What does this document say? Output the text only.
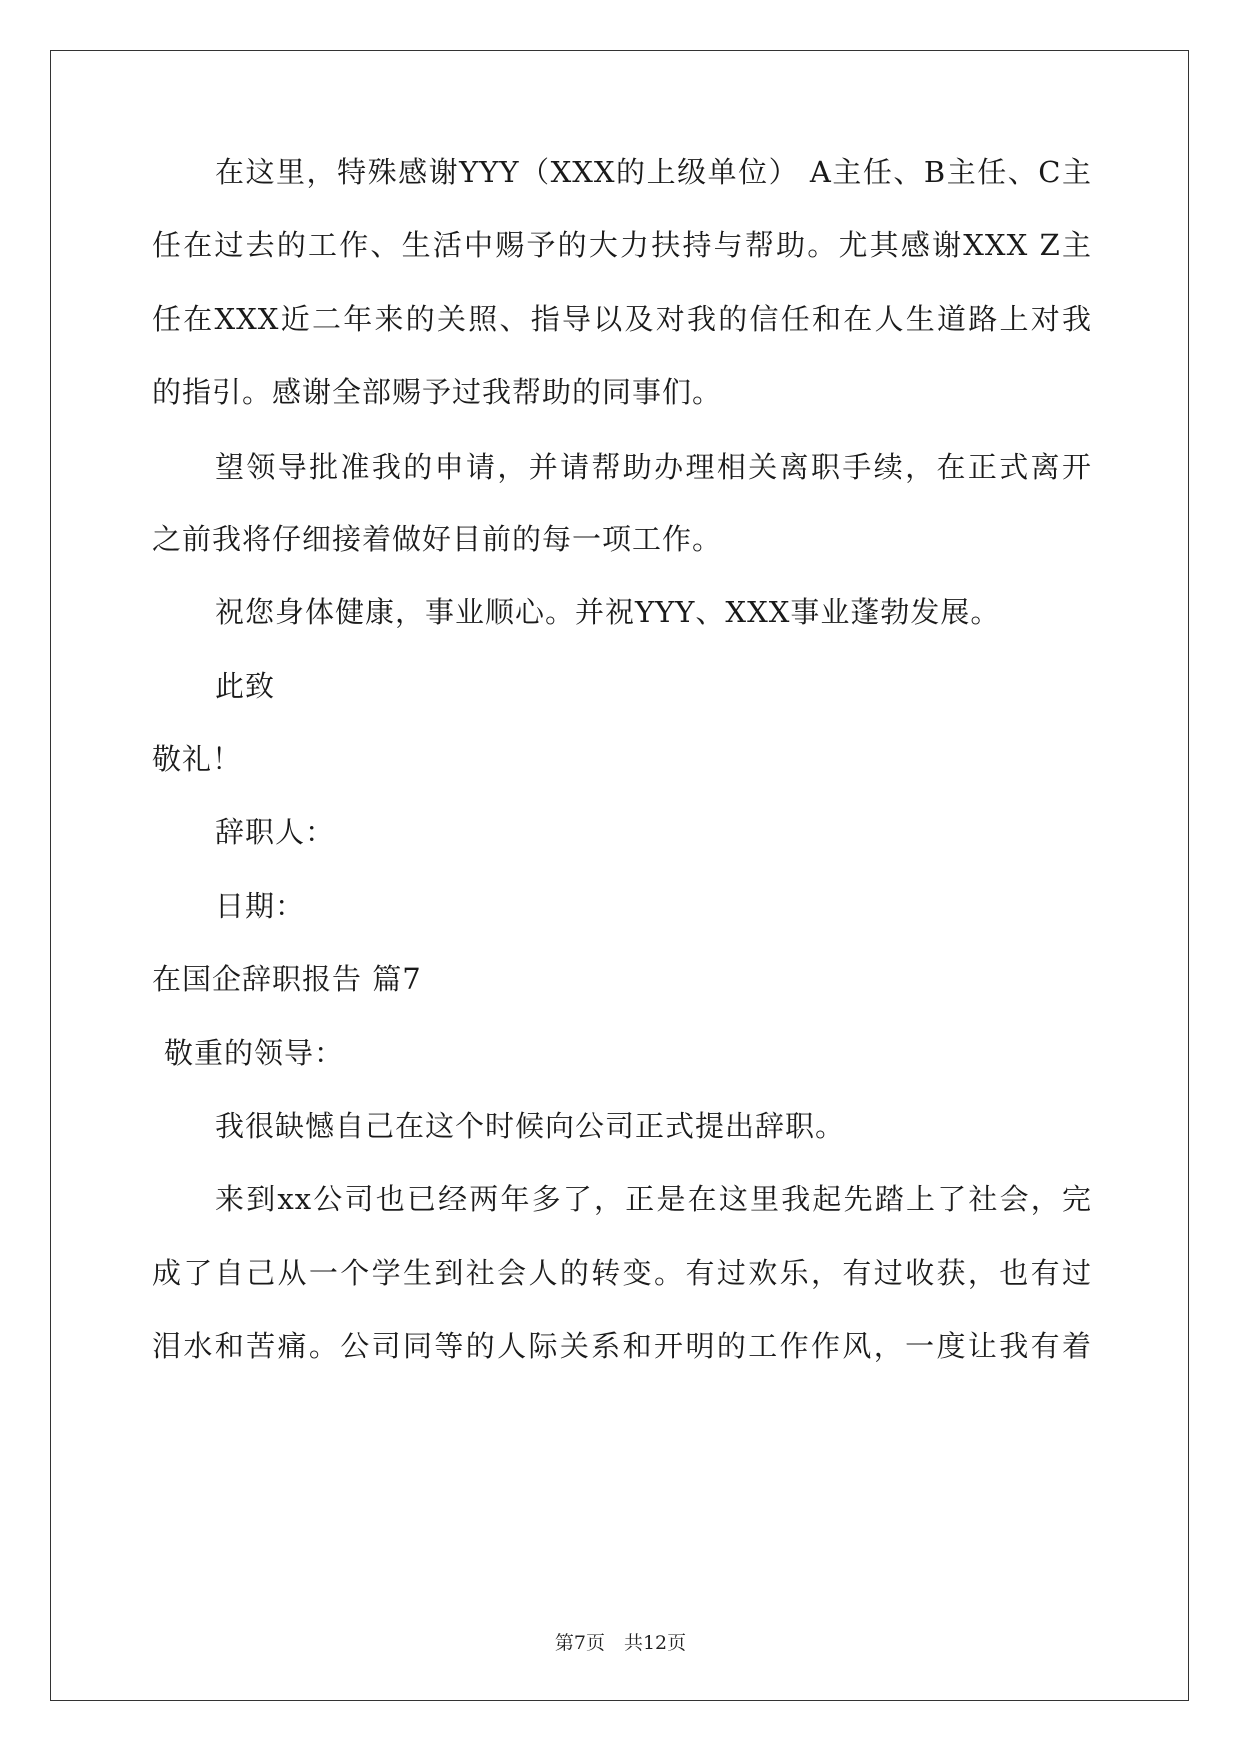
在这里，特殊感谢YYY（XXX的上级单位） A主任、B主任、C主
任在过去的工作、生活中赐予的大力扶持与帮助。尤其感谢XXX Z主
任在XXX近二年来的关照、指导以及对我的信任和在人生道路上对我
的指引。感谢全部赐予过我帮助的同事们。
望领导批准我的申请，并请帮助办理相关离职手续，在正式离开
之前我将仔细接着做好目前的每一项工作。
祝您身体健康，事业顺心。并祝YYY、XXX事业蓬勃发展。
此致
敬礼！
辞职人：
日期：
在国企辞职报告 篇7
敬重的领导：
我很缺憾自己在这个时候向公司正式提出辞职。
来到xx公司也已经两年多了，正是在这里我起先踏上了社会，完
成了自己从一个学生到社会人的转变。有过欢乐，有过收获，也有过
泪水和苦痛。公司同等的人际关系和开明的工作作风，一度让我有着
第7页　共12页
